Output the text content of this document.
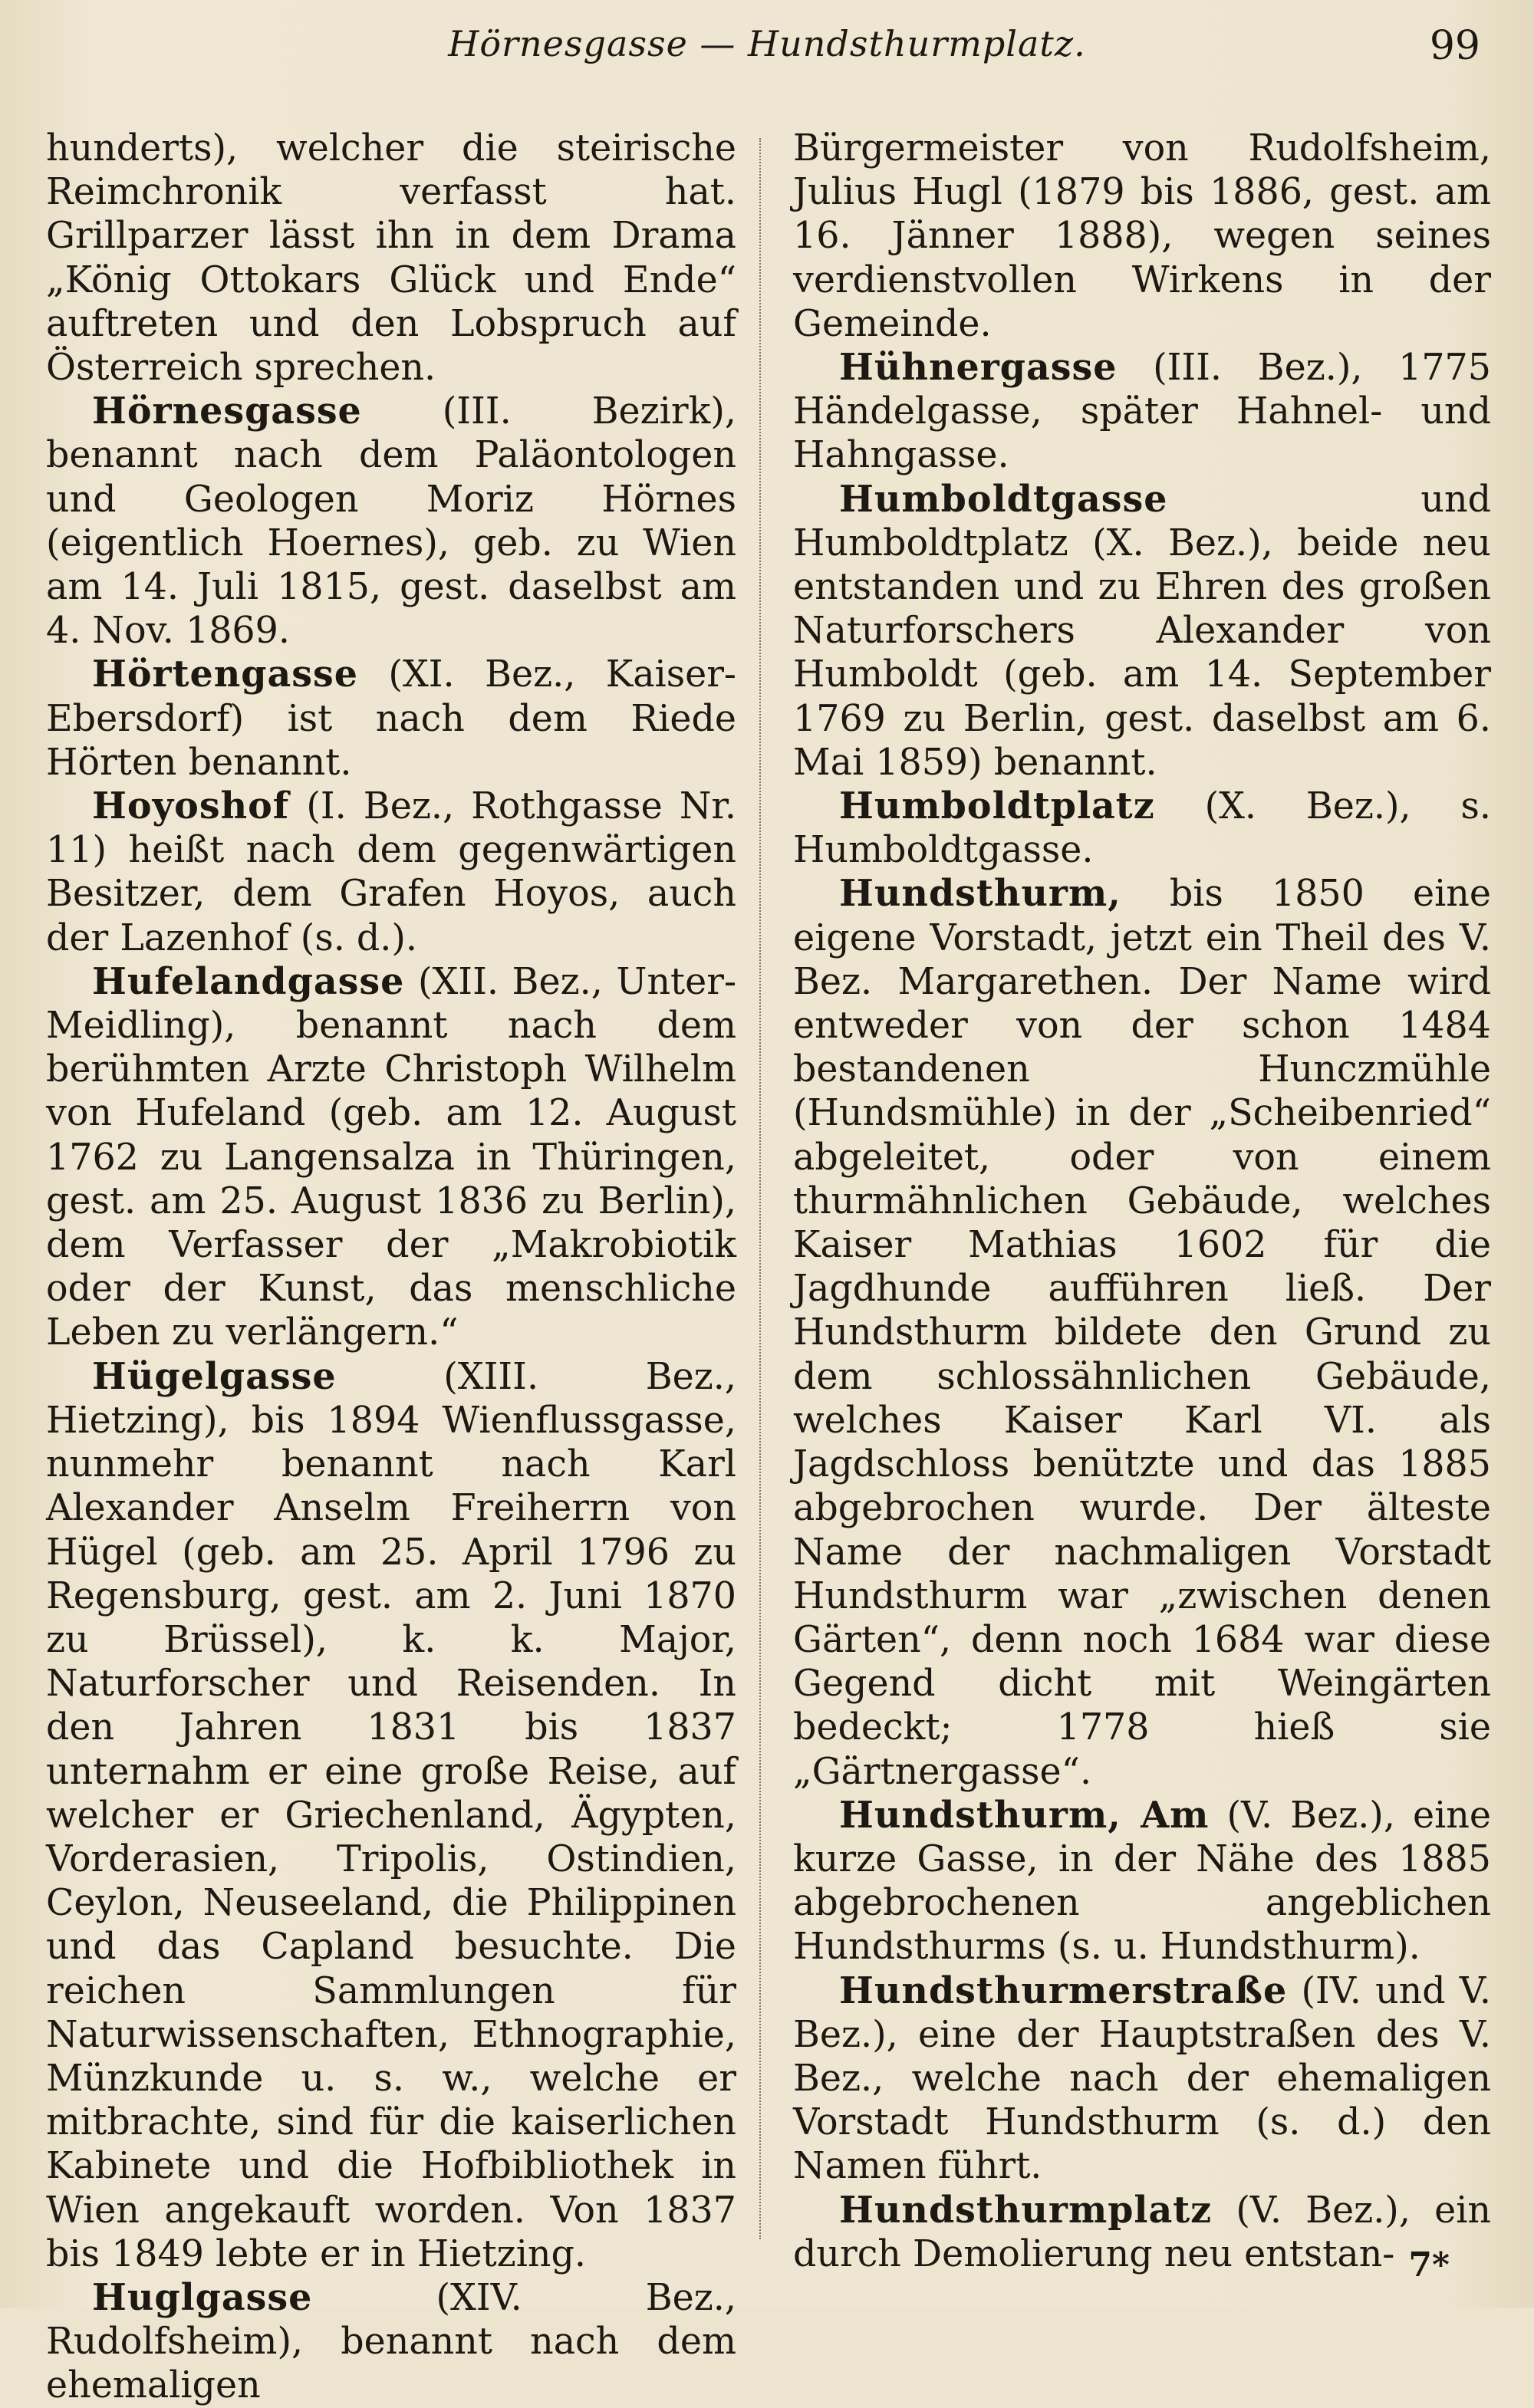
Hörnesgasse — Hundsthurmplatz.	99

hunderts), welcher die steirische Reimchronik verfasst hat. Grillparzer lässt ihn in dem Drama „König Ottokars Glück und Ende“ auftreten und den Lobspruch auf Österreich sprechen.

Hörnesgasse (III. Bezirk), benannt nach dem Paläontologen und Geologen Moriz Hörnes (eigentlich Hoernes), geb. zu Wien am 14. Juli 1815, gest. daselbst am 4. Nov. 1869.

Hörtengasse (XI. Bez., Kaiser-Ebersdorf) ist nach dem Riede Hörten benannt.

Hoyoshof (I. Bez., Rothgasse Nr. 11) heißt nach dem gegenwärtigen Besitzer, dem Grafen Hoyos, auch der Lazenhof (s. d.).

Hufelandgasse (XII. Bez., Unter-Meidling), benannt nach dem berühmten Arzte Christoph Wilhelm von Hufeland (geb. am 12. August 1762 zu Langensalza in Thüringen, gest. am 25. August 1836 zu Berlin), dem Verfasser der „Makrobiotik oder der Kunst, das menschliche Leben zu verlängern.“

Hügelgasse (XIII. Bez., Hietzing), bis 1894 Wienflussgasse, nunmehr benannt nach Karl Alexander Anselm Freiherrn von Hügel (geb. am 25. April 1796 zu Regensburg, gest. am 2. Juni 1870 zu Brüssel), k. k. Major, Naturforscher und Reisenden. In den Jahren 1831 bis 1837 unternahm er eine große Reise, auf welcher er Griechenland, Ägypten, Vorderasien, Tripolis, Ostindien, Ceylon, Neuseeland, die Philippinen und das Capland besuchte. Die reichen Sammlungen für Naturwissenschaften, Ethnographie, Münzkunde u. s. w., welche er mitbrachte, sind für die kaiserlichen Kabinete und die Hofbibliothek in Wien angekauft worden. Von 1837 bis 1849 lebte er in Hietzing.

Huglgasse (XIV. Bez., Rudolfsheim), benannt nach dem ehemaligen

Bürgermeister von Rudolfsheim, Julius Hugl (1879 bis 1886, gest. am 16. Jänner 1888), wegen seines verdienstvollen Wirkens in der Gemeinde.

Hühnergasse (III. Bez.), 1775 Händelgasse, später Hahnel- und Hahngasse.

Humboldtgasse und Humboldtplatz (X. Bez.), beide neu entstanden und zu Ehren des großen Naturforschers Alexander von Humboldt (geb. am 14. September 1769 zu Berlin, gest. daselbst am 6. Mai 1859) benannt.

Humboldtplatz (X. Bez.), s. Humboldtgasse.

Hundsthurm, bis 1850 eine eigene Vorstadt, jetzt ein Theil des V. Bez. Margarethen. Der Name wird entweder von der schon 1484 bestandenen Hunczmühle (Hundsmühle) in der „Scheibenried“ abgeleitet, oder von einem thurmähnlichen Gebäude, welches Kaiser Mathias 1602 für die Jagdhunde aufführen ließ. Der Hundsthurm bildete den Grund zu dem schlossähnlichen Gebäude, welches Kaiser Karl VI. als Jagdschloss benützte und das 1885 abgebrochen wurde. Der älteste Name der nachmaligen Vorstadt Hundsthurm war „zwischen denen Gärten“, denn noch 1684 war diese Gegend dicht mit Weingärten bedeckt; 1778 hieß sie „Gärtnergasse“.

Hundsthurm, Am (V. Bez.), eine kurze Gasse, in der Nähe des 1885 abgebrochenen angeblichen Hundsthurms (s. u. Hundsthurm).

Hundsthurmerstraße (IV. und V. Bez.), eine der Hauptstraßen des V. Bez., welche nach der ehemaligen Vorstadt Hundsthurm (s. d.) den Namen führt.

Hundsthurmplatz (V. Bez.), ein durch Demolierung neu entstan- 7*
